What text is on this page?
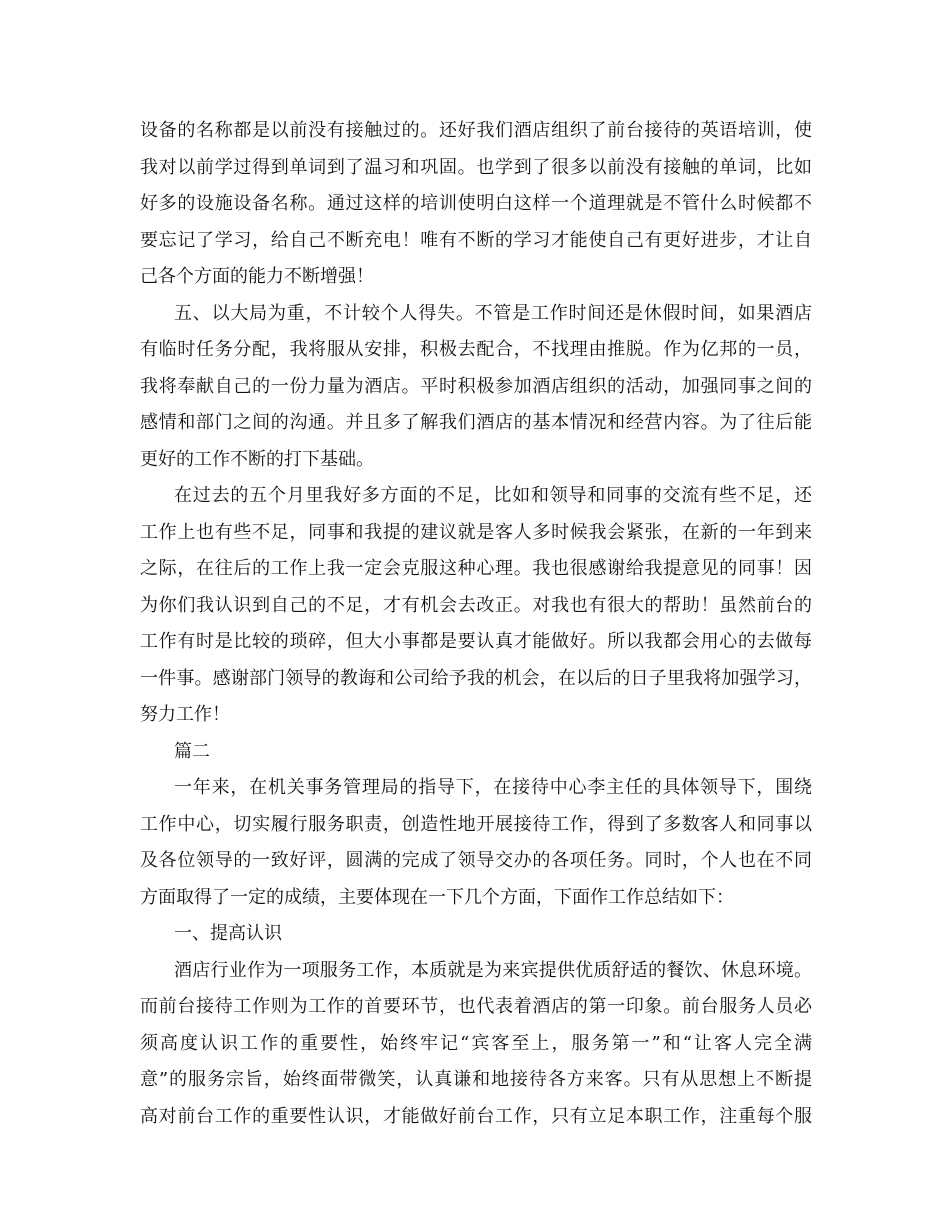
设备的名称都是以前没有接触过的。还好我们酒店组织了前台接待的英语培训，使
我对以前学过得到单词到了温习和巩固。也学到了很多以前没有接触的单词，比如
好多的设施设备名称。通过这样的培训使明白这样一个道理就是不管什么时候都不
要忘记了学习，给自己不断充电！唯有不断的学习才能使自己有更好进步，才让自
己各个方面的能力不断增强！
五、以大局为重，不计较个人得失。不管是工作时间还是休假时间，如果酒店
有临时任务分配，我将服从安排，积极去配合，不找理由推脱。作为亿邦的一员，
我将奉献自己的一份力量为酒店。平时积极参加酒店组织的活动，加强同事之间的
感情和部门之间的沟通。并且多了解我们酒店的基本情况和经营内容。为了往后能
更好的工作不断的打下基础。
在过去的五个月里我好多方面的不足，比如和领导和同事的交流有些不足，还
工作上也有些不足，同事和我提的建议就是客人多时候我会紧张，在新的一年到来
之际，在往后的工作上我一定会克服这种心理。我也很感谢给我提意见的同事！因
为你们我认识到自己的不足，才有机会去改正。对我也有很大的帮助！虽然前台的
工作有时是比较的琐碎，但大小事都是要认真才能做好。所以我都会用心的去做每
一件事。感谢部门领导的教诲和公司给予我的机会，在以后的日子里我将加强学习，
努力工作！
篇二
一年来，在机关事务管理局的指导下，在接待中心李主任的具体领导下，围绕
工作中心，切实履行服务职责，创造性地开展接待工作，得到了多数客人和同事以
及各位领导的一致好评，圆满的完成了领导交办的各项任务。同时，个人也在不同
方面取得了一定的成绩，主要体现在一下几个方面，下面作工作总结如下：
一、提高认识
酒店行业作为一项服务工作，本质就是为来宾提供优质舒适的餐饮、休息环境。
而前台接待工作则为工作的首要环节，也代表着酒店的第一印象。前台服务人员必
须高度认识工作的重要性，始终牢记“宾客至上，服务第一”和“让客人完全满
意”的服务宗旨，始终面带微笑，认真谦和地接待各方来客。只有从思想上不断提
高对前台工作的重要性认识，才能做好前台工作，只有立足本职工作，注重每个服
